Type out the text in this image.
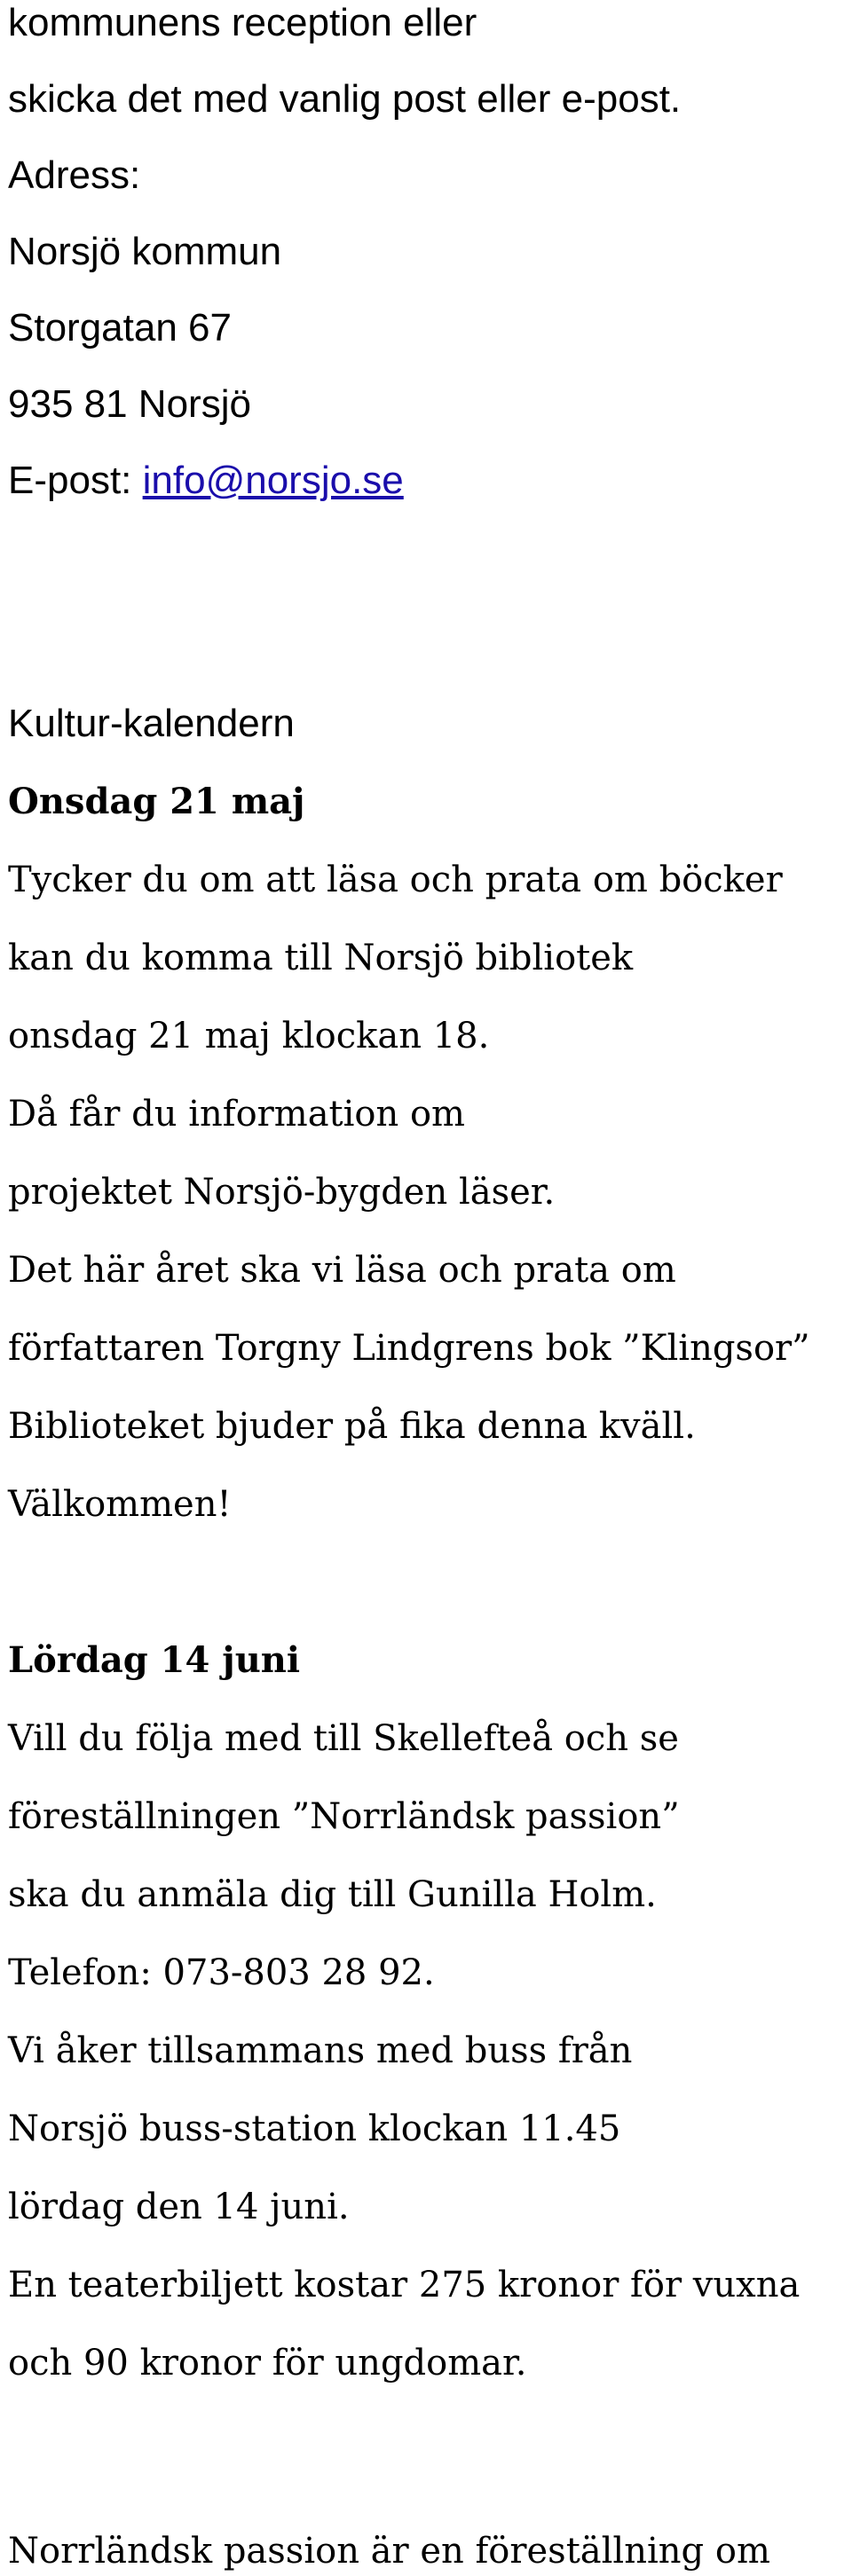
kommunens reception eller

skicka det med vanlig post eller e-post.

Adress:

Norsjö kommun

Storgatan 67

935 81 Norsjö

E-post: info@norsjo.se

Kultur-kalendern

Onsdag 21 maj

Tycker du om att läsa och prata om böcker

kan du komma till Norsjö bibliotek

onsdag 21 maj klockan 18.

Då får du information om

projektet Norsjö-bygden läser.

Det här året ska vi läsa och prata om

författaren Torgny Lindgrens bok ”Klingsor”

Biblioteket bjuder på fika denna kväll.

Välkommen!

Lördag 14 juni

Vill du följa med till Skellefteå och se

föreställningen ”Norrländsk passion”

ska du anmäla dig till Gunilla Holm.

Telefon: 073-803 28 92.

Vi åker tillsammans med buss från

Norsjö buss-station klockan 11.45

lördag den 14 juni.

En teaterbiljett kostar 275 kronor för vuxna

och 90 kronor för ungdomar.

Norrländsk passion är en föreställning om
